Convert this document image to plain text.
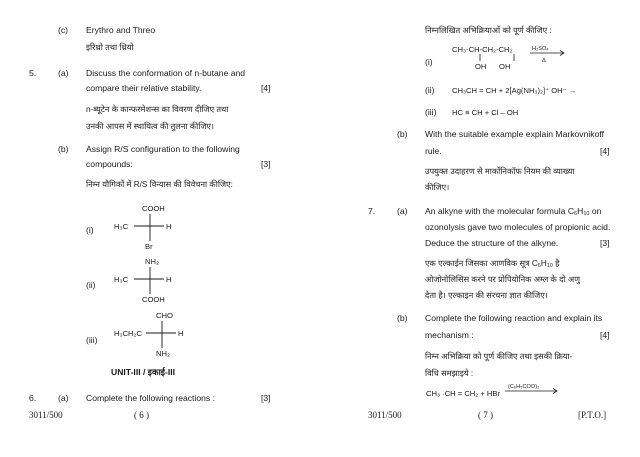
(c) Erythro and Threo
इरिथ्रो तथा थ्रियो
5.	(a) Discuss the conformation of n-butane and
compare their relative stability.	[4]
n-ब्यूटेन के कान्फरमेशन्स का विवरण दीजिए तथा
उनकी आपस में स्थायित्व की तुलना कीजिए।
(b) Assign R/S configuration to the following
compounds:	[3]
निम्न यौगिकों में R/S विन्यास की विवेचना कीजिए:
(i)
COOH
H₃C	H
Br
(ii)
NH₂
H₃C	H
COOH
(iii)
CHO
H₃CH₂C	H
NH₂
UNIT-III / इकाई-III
6.	(a) Complete the following reactions :	[3]
3011/500	( 6 )
निम्नलिखित अभिक्रियाओं को पूर्ण कीजिए :
(i)
CH₃-CH-CH₂-CH₂
OH      OH
H₂SO₄
Δ
(ii) CH₃CH = CH + 2[Ag(NH₃)₂]⁺ OH⁻ →
(iii) HC ≡ CH + Cl – OH
(b) With the suitable example explain Markovnikoff
rule.	[4]
उपयुक्त उदाहरण से मार्कोनिकॉफ नियम की व्याख्या
कीजिए।
7.	(a) An alkyne with the molecular formula $C_6H_{10}$ on
ozonolysis gave two molecules of propionic acid.
Deduce the structure of the alkyne.	[3]
एक एल्काईन जिसका आणविक सूत्र $C_6H_{10}$ है
ओजोनोलिसिस करने पर प्रोपियोनिक अम्ल के दो अणु
देता है। एल्काइन की संरचना ज्ञात कीजिए।
(b) Complete the following reaction and explain its
mechanism :	[4]
निम्न अभिक्रिया को पूर्ण कीजिए तथा इसकी क्रिया-
विधि समझाइये :
CH₃ ·CH = CH₂ + HBr
(C₆H₅COO)₂
3011/500	( 7 )	[P.T.O.]
